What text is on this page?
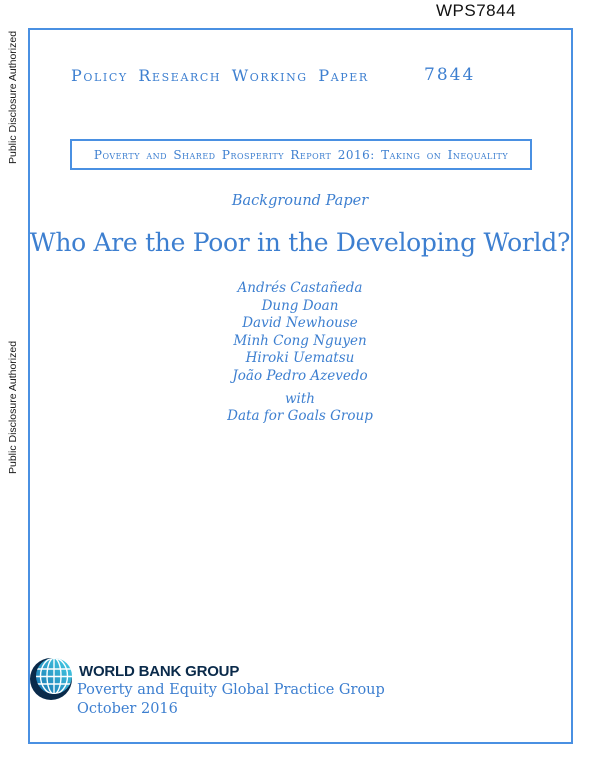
WPS7844
Public Disclosure Authorized
Public Disclosure Authorized
Policy Research Working Paper	7844
Poverty and Shared Prosperity Report 2016: Taking on Inequality
Background Paper
Who Are the Poor in the Developing World?
Andrés Castañeda
Dung Doan
David Newhouse
Minh Cong Nguyen
Hiroki Uematsu
João Pedro Azevedo
with
Data for Goals Group
WORLD BANK GROUP
Poverty and Equity Global Practice Group
October 2016
